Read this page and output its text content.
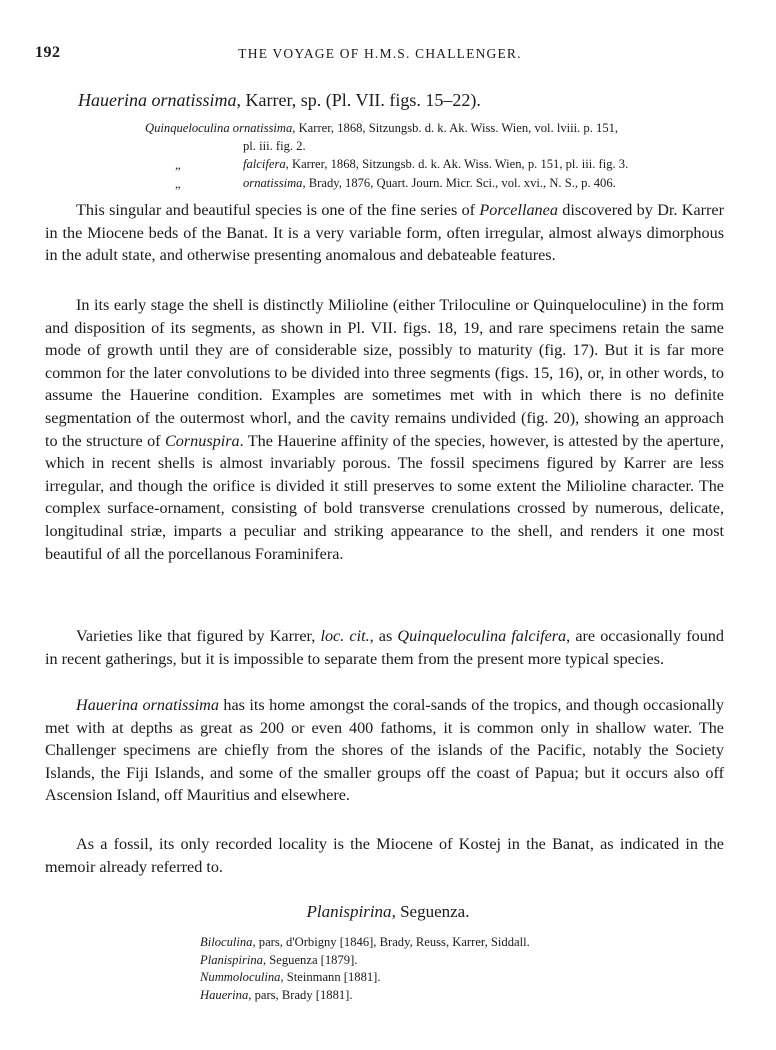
192	THE VOYAGE OF H.M.S. CHALLENGER.
Hauerina ornatissima, Karrer, sp. (Pl. VII. figs. 15–22).
Quinqueloculina ornatissima, Karrer, 1868, Sitzungsb. d. k. Ak. Wiss. Wien, vol. lviii. p. 151,
pl. iii. fig. 2.
„	falcifera, Karrer, 1868, Sitzungsb. d. k. Ak. Wiss. Wien, p. 151, pl. iii. fig. 3.
„	ornatissima, Brady, 1876, Quart. Journ. Micr. Sci., vol. xvi., N. S., p. 406.

This singular and beautiful species is one of the fine series of Porcellanea discovered by Dr. Karrer in the Miocene beds of the Banat. It is a very variable form, often irregular, almost always dimorphous in the adult state, and otherwise presenting anomalous and debateable features.

In its early stage the shell is distinctly Milioline (either Triloculine or Quinqueloculine) in the form and disposition of its segments, as shown in Pl. VII. figs. 18, 19, and rare specimens retain the same mode of growth until they are of considerable size, possibly to maturity (fig. 17). But it is far more common for the later convolutions to be divided into three segments (figs. 15, 16), or, in other words, to assume the Hauerine condition. Examples are sometimes met with in which there is no definite segmentation of the outermost whorl, and the cavity remains undivided (fig. 20), showing an approach to the structure of Cornuspira. The Hauerine affinity of the species, however, is attested by the aperture, which in recent shells is almost invariably porous. The fossil specimens figured by Karrer are less irregular, and though the orifice is divided it still preserves to some extent the Milioline character. The complex surface-ornament, consisting of bold transverse crenulations crossed by numerous, delicate, longitudinal striæ, imparts a peculiar and striking appearance to the shell, and renders it one most beautiful of all the porcellanous Foraminifera.

Varieties like that figured by Karrer, loc. cit., as Quinqueloculina falcifera, are occasionally found in recent gatherings, but it is impossible to separate them from the present more typical species.

Hauerina ornatissima has its home amongst the coral-sands of the tropics, and though occasionally met with at depths as great as 200 or even 400 fathoms, it is common only in shallow water. The Challenger specimens are chiefly from the shores of the islands of the Pacific, notably the Society Islands, the Fiji Islands, and some of the smaller groups off the coast of Papua; but it occurs also off Ascension Island, off Mauritius and elsewhere.

As a fossil, its only recorded locality is the Miocene of Kostej in the Banat, as indicated in the memoir already referred to.

Planispirina, Seguenza.
Biloculina, pars, d'Orbigny [1846], Brady, Reuss, Karrer, Siddall.
Planispirina, Seguenza [1879].
Nummoloculina, Steinmann [1881].
Hauerina, pars, Brady [1881].
